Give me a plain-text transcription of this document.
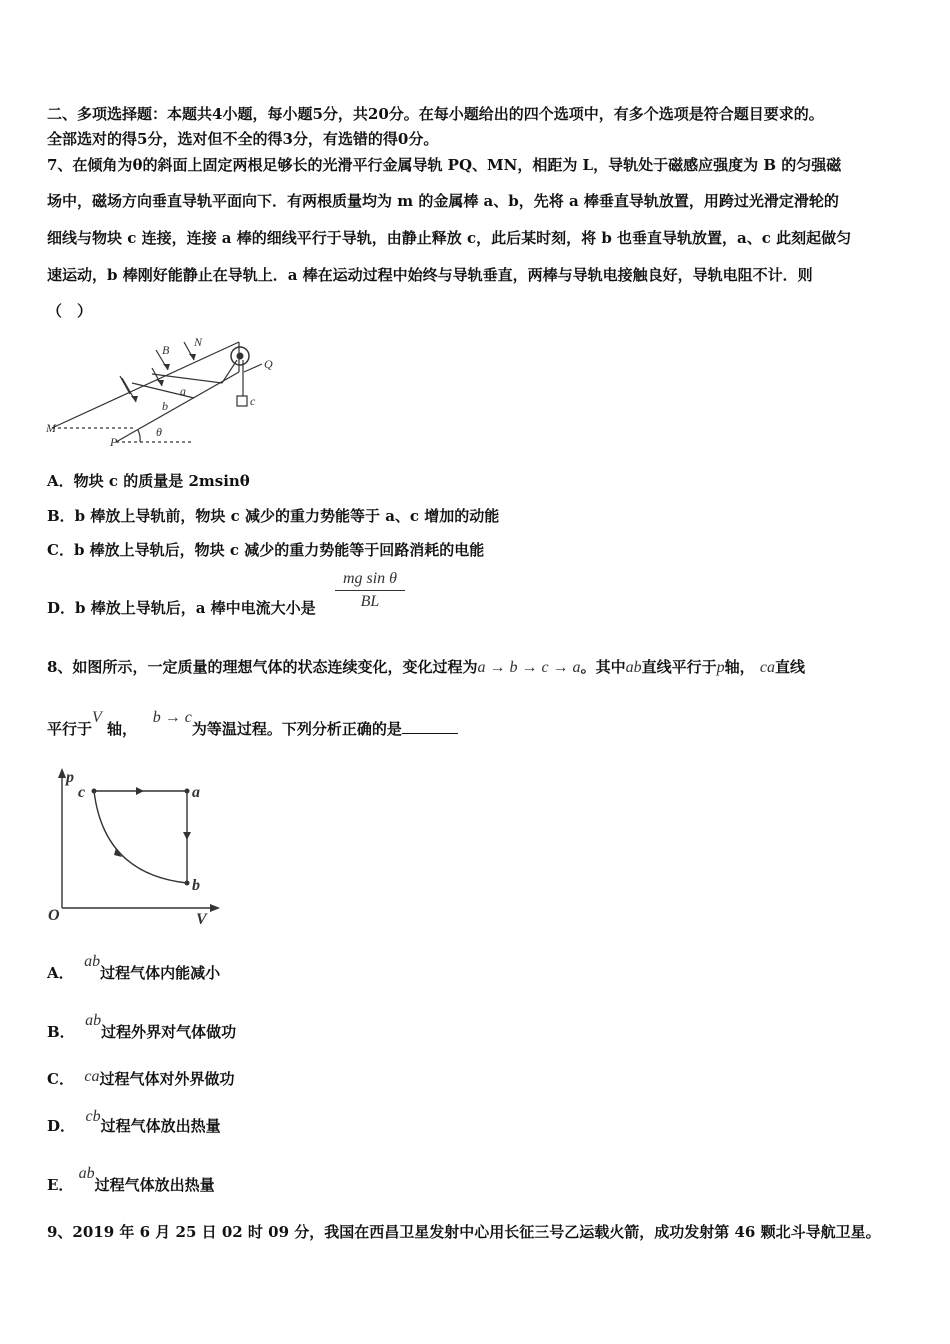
二、多项选择题：本题共4小题，每小题5分，共20分。在每小题给出的四个选项中，有多个选项是符合题目要求的。
全部选对的得5分，选对但不全的得3分，有选错的得0分。
7、在倾角为θ的斜面上固定两根足够长的光滑平行金属导轨 PQ、MN，相距为 L，导轨处于磁感应强度为 B 的匀强磁
场中，磁场方向垂直导轨平面向下．有两根质量均为 m 的金属棒 a、b，先将 a 棒垂直导轨放置，用跨过光滑定滑轮的
细线与物块 c 连接，连接 a 棒的细线平行于导轨，由静止释放 c，此后某时刻，将 b 也垂直导轨放置，a、c 此刻起做匀
速运动，b 棒刚好能静止在导轨上．a 棒在运动过程中始终与导轨垂直，两棒与导轨电接触良好，导轨电阻不计．则
（　）
B
N
Q
a
b	c
M
P
θ
A．物块 c 的质量是 2msinθ
B．b 棒放上导轨前，物块 c 减少的重力势能等于 a、c 增加的动能
C．b 棒放上导轨后，物块 c 减少的重力势能等于回路消耗的电能
D．b 棒放上导轨后，a 棒中电流大小是 $\frac{\text{mg sin θ}}{BL}$
8、如图所示，一定质量的理想气体的状态连续变化，变化过程为a → b → c → a。其中ab直线平行于p轴， ca直线
平行于V 轴，   b → c为等温过程。下列分析正确的是
p
c	a
b
O	V
A．  ab过程气体内能减小
B．  ab过程外界对气体做功
C． ca过程气体对外界做功
D．  cb过程气体放出热量
E． ab过程气体放出热量
9、2019 年 6 月 25 日 02 时 09 分，我国在西昌卫星发射中心用长征三号乙运载火箭，成功发射第 46 颗北斗导航卫星。
